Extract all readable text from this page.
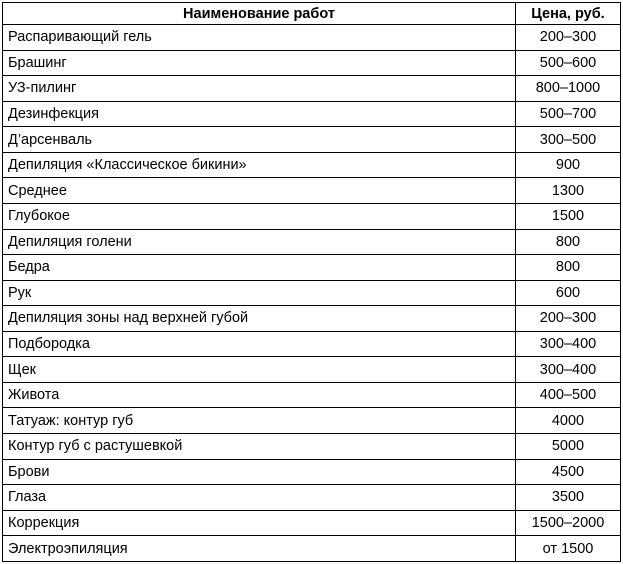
Наименование работ	Цена, руб.
Распаривающий гель	200–300
Брашинг	500–600
УЗ-пилинг	800–1000
Дезинфекция	500–700
Д’арсенваль	300–500
Депиляция «Классическое бикини»	900
Среднее	1300
Глубокое	1500
Депиляция голени	800
Бедра	800
Рук	600
Депиляция зоны над верхней губой	200–300
Подбородка	300–400
Щек	300–400
Живота	400–500
Татуаж: контур губ	4000
Контур губ с растушевкой	5000
Брови	4500
Глаза	3500
Коррекция	1500–2000
Электроэпиляция	от 1500
